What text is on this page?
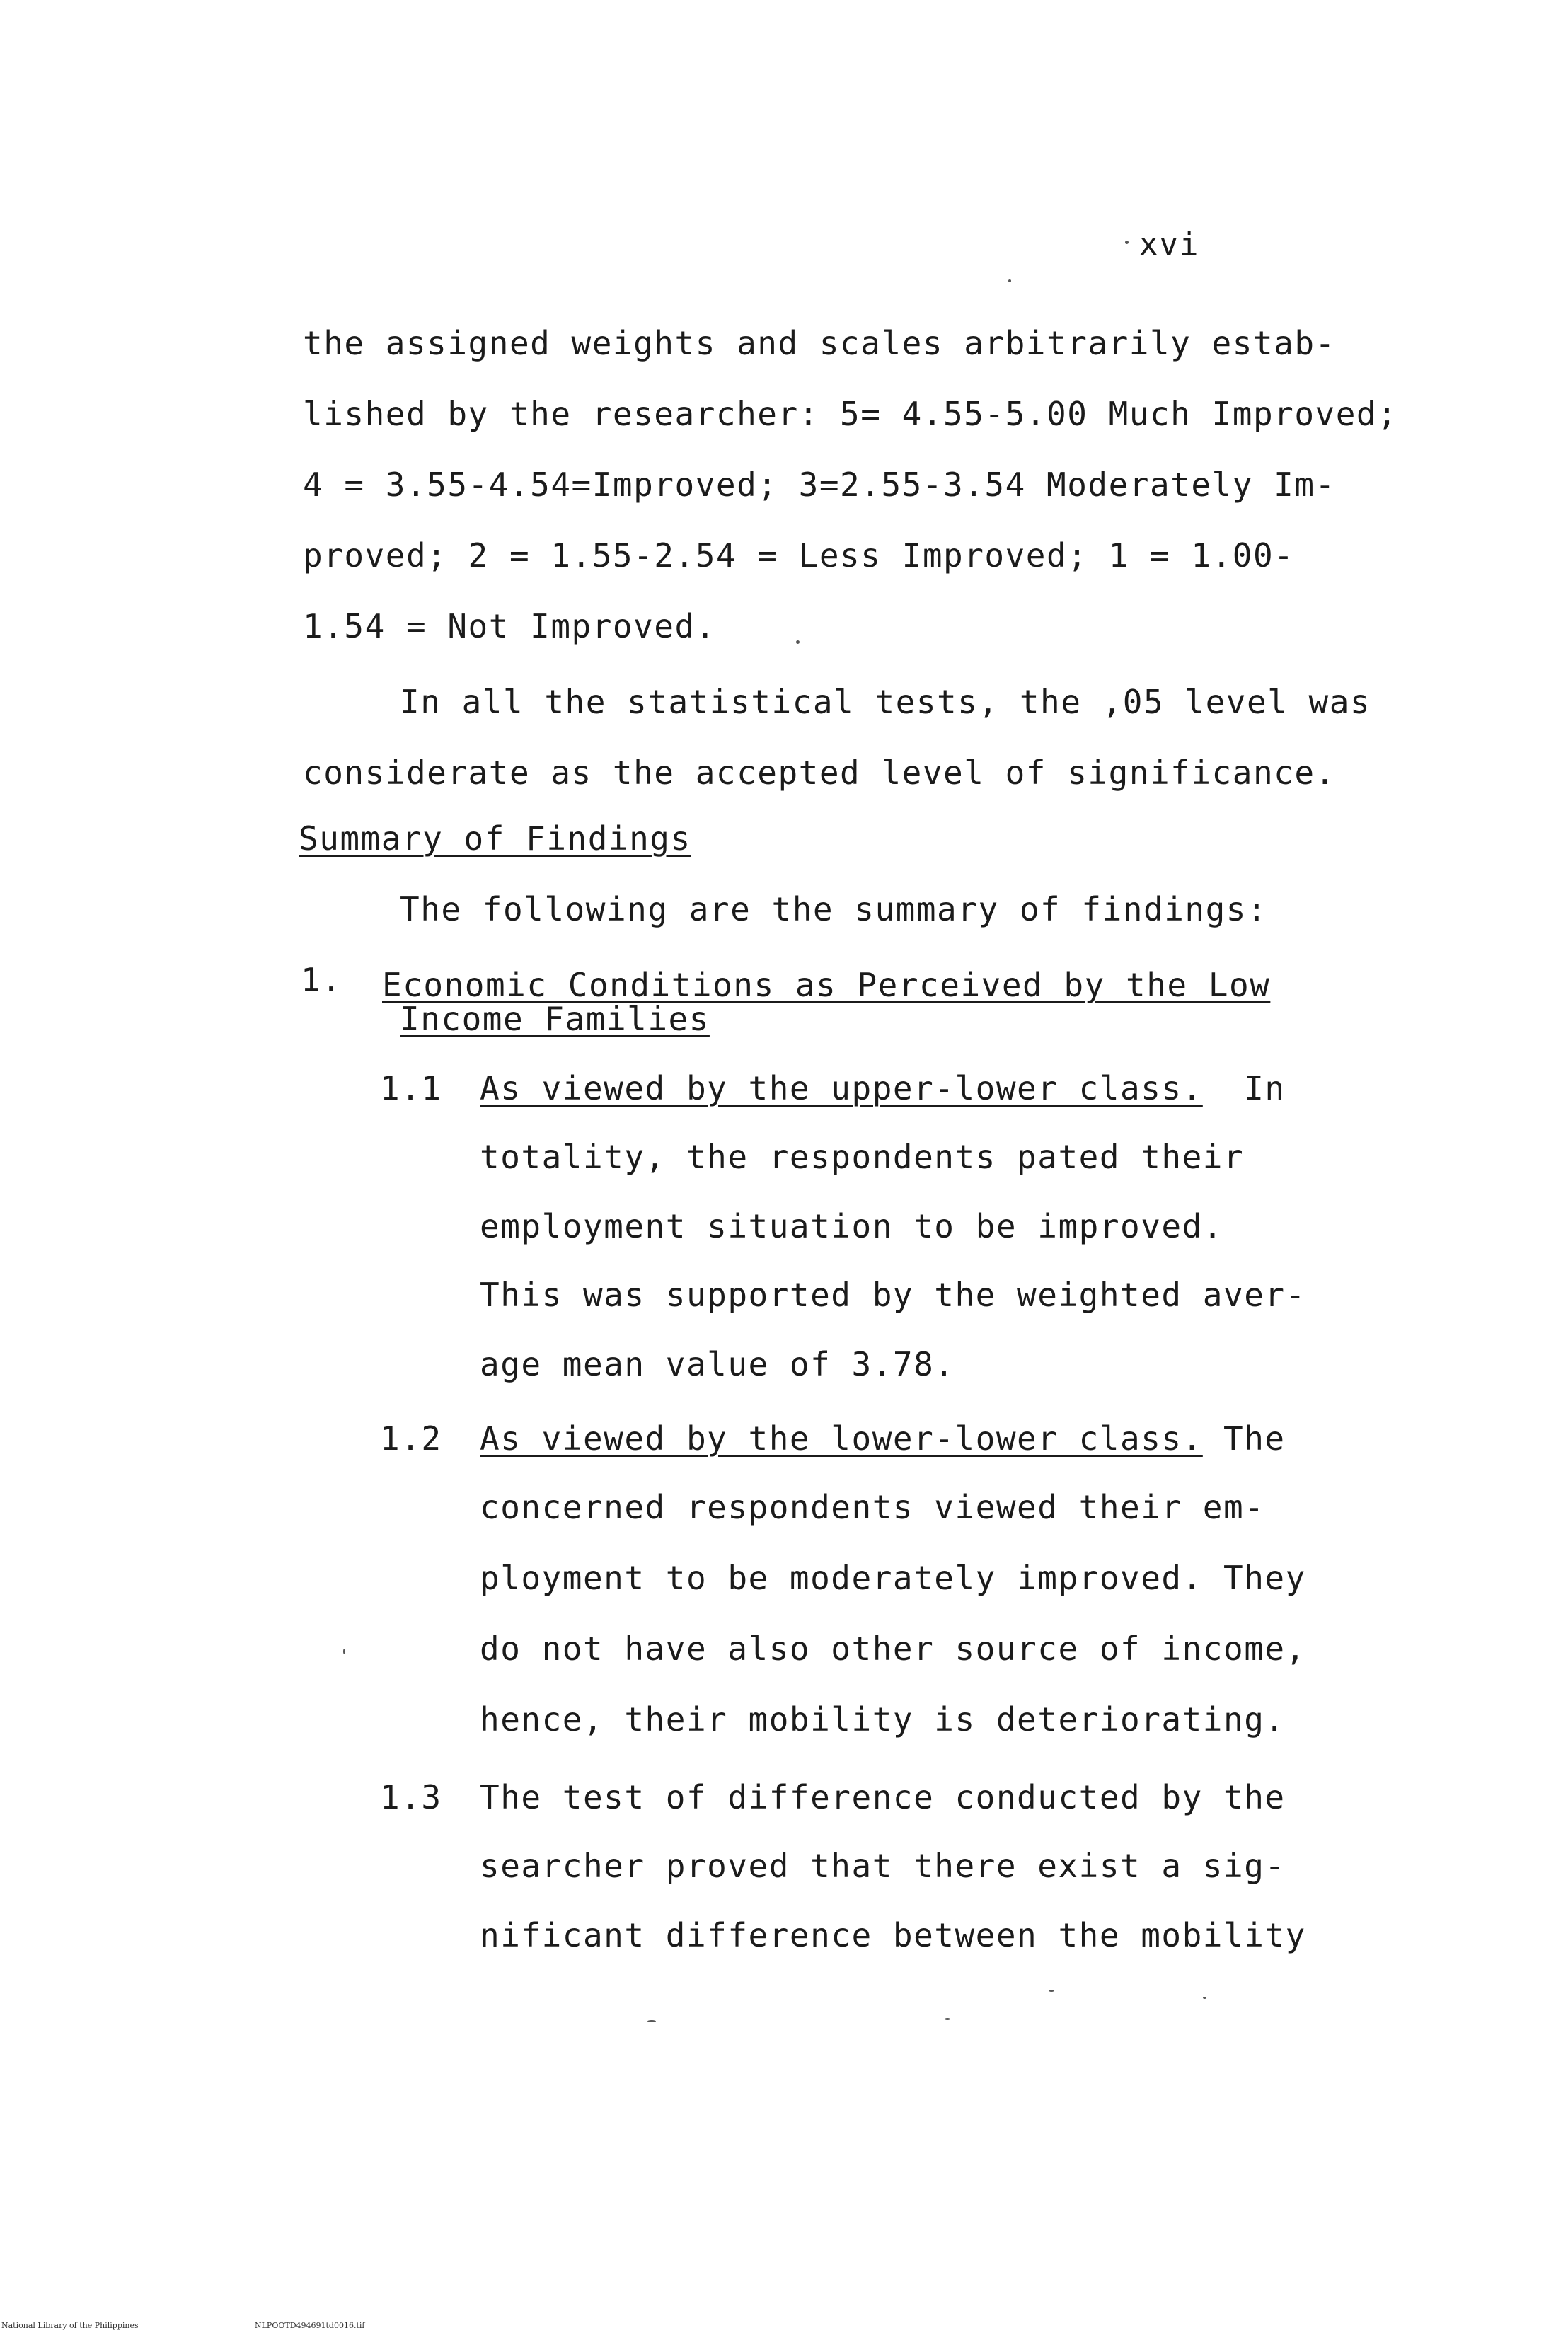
xvi
the assigned weights and scales arbitrarily estab-
lished by the researcher: 5= 4.55-5.00 Much Improved;
4 = 3.55-4.54=Improved; 3=2.55-3.54 Moderately Im-
proved; 2 = 1.55-2.54 = Less Improved; 1 = 1.00-
1.54 = Not Improved.
In all the statistical tests, the ,05 level was
considerate as the accepted level of significance.
Summary of Findings
The following are the summary of findings:
1. Economic Conditions as Perceived by the Low
Income Families
1.1 As viewed by the upper-lower class.  In
totality, the respondents pated their
employment situation to be improved.
This was supported by the weighted aver-
age mean value of 3.78.
1.2 As viewed by the lower-lower class. The
concerned respondents viewed their em-
ployment to be moderately improved. They
do not have also other source of income,
hence, their mobility is deteriorating.
1.3 The test of difference conducted by the
searcher proved that there exist a sig-
nificant difference between the mobility
National Library of the Philippines	NLPOOTD494691td0016.tif
